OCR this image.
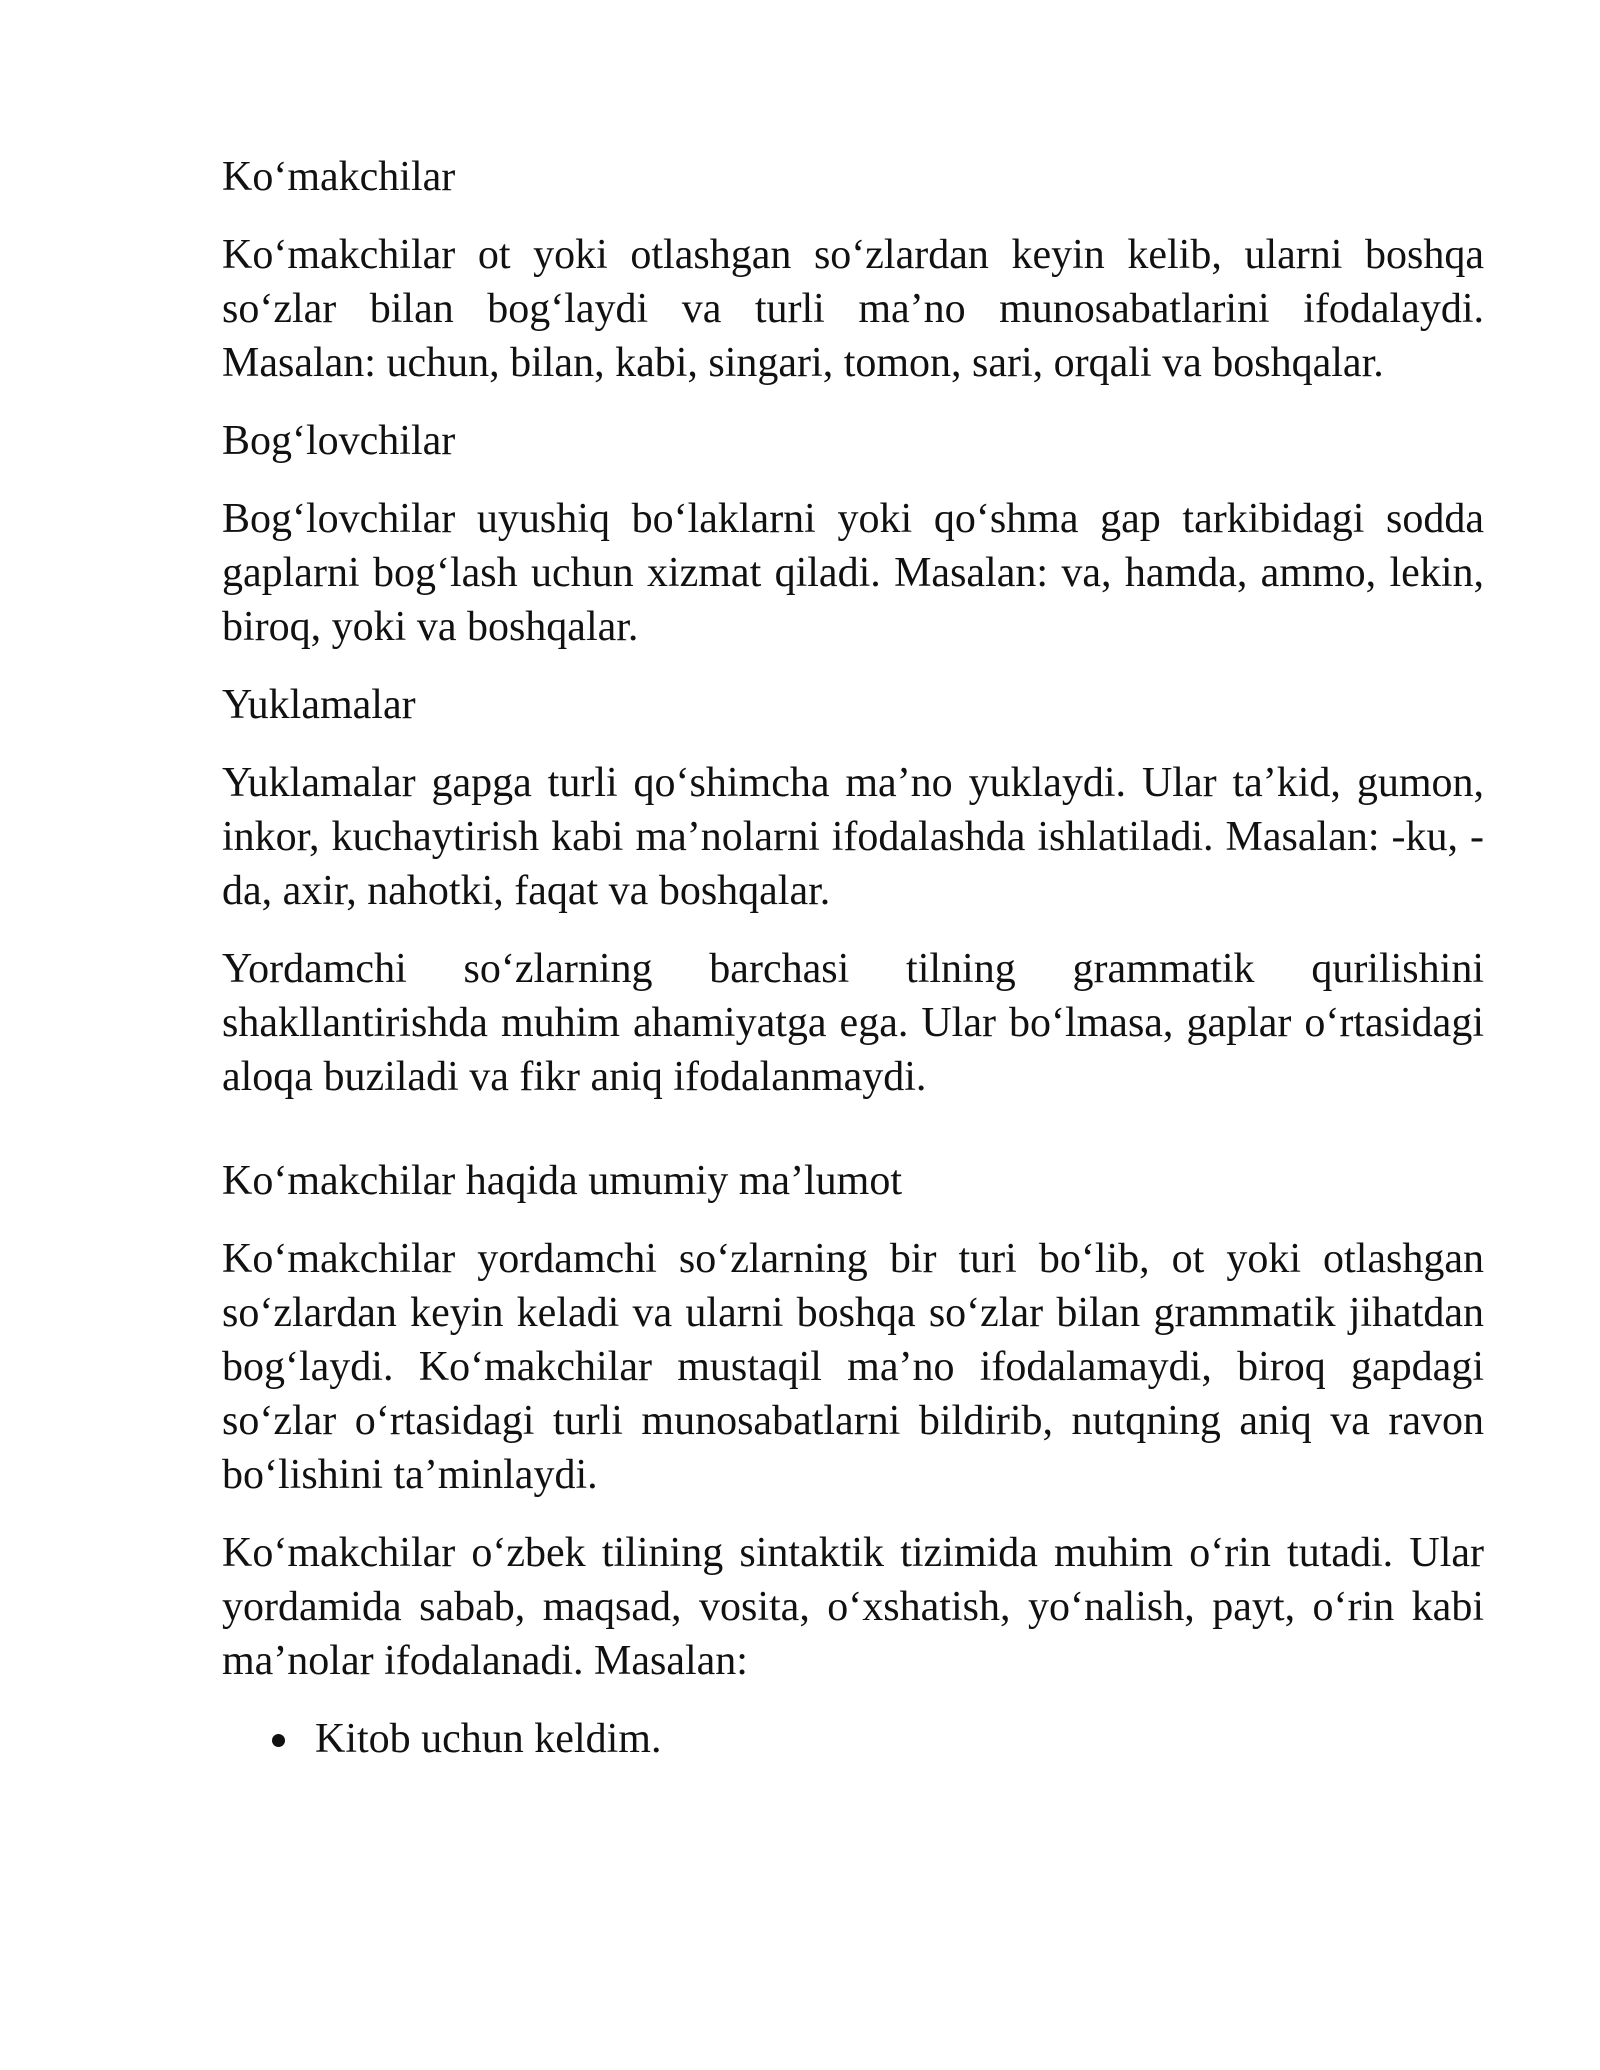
Ko‘makchilar
Ko‘makchilar ot yoki otlashgan so‘zlardan keyin kelib, ularni boshqa so‘zlar bilan bog‘laydi va turli ma’no munosabatlarini ifodalaydi. Masalan: uchun, bilan, kabi, singari, tomon, sari, orqali va boshqalar.
Bog‘lovchilar
Bog‘lovchilar uyushiq bo‘laklarni yoki qo‘shma gap tarkibidagi sodda gaplarni bog‘lash uchun xizmat qiladi. Masalan: va, hamda, ammo, lekin, biroq, yoki va boshqalar.
Yuklamalar
Yuklamalar gapga turli qo‘shimcha ma’no yuklaydi. Ular ta’kid, gumon, inkor, kuchaytirish kabi ma’nolarni ifodalashda ishlatiladi. Masalan: -ku, -da, axir, nahotki, faqat va boshqalar.
Yordamchi so‘zlarning barchasi tilning grammatik qurilishini shakllantirishda muhim ahamiyatga ega. Ular bo‘lmasa, gaplar o‘rtasidagi aloqa buziladi va fikr aniq ifodalanmaydi.
Ko‘makchilar haqida umumiy ma’lumot
Ko‘makchilar yordamchi so‘zlarning bir turi bo‘lib, ot yoki otlashgan so‘zlardan keyin keladi va ularni boshqa so‘zlar bilan grammatik jihatdan bog‘laydi. Ko‘makchilar mustaqil ma’no ifodalamaydi, biroq gapdagi so‘zlar o‘rtasidagi turli munosabatlarni bildirib, nutqning aniq va ravon bo‘lishini ta’minlaydi.
Ko‘makchilar o‘zbek tilining sintaktik tizimida muhim o‘rin tutadi. Ular yordamida sabab, maqsad, vosita, o‘xshatish, yo‘nalish, payt, o‘rin kabi ma’nolar ifodalanadi. Masalan:
Kitob uchun keldim.
